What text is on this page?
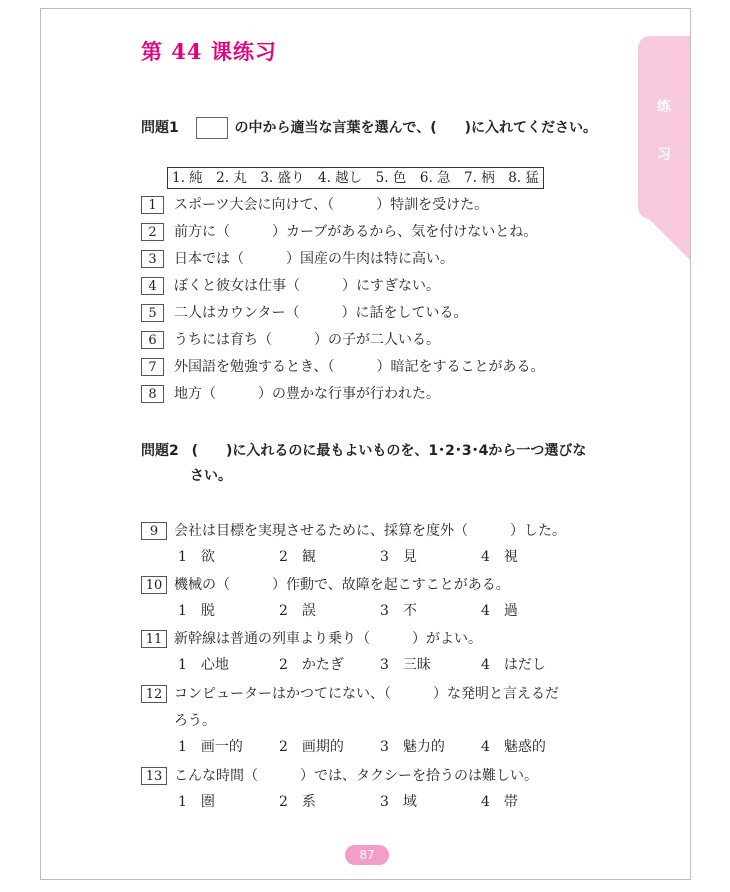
第 44 课练习
练
习
問題1	の中から適当な言葉を選んで、(　　)に入れてください。
1. 純　2. 丸　3. 盛り　4. 越し　5. 色　6. 急　7. 柄　8. 猛
1 スポーツ大会に向けて、（　　　）特訓を受けた。
2 前方に（　　　）カーブがあるから、気を付けないとね。
3 日本では（　　　）国産の牛肉は特に高い。
4 ぼくと彼女は仕事（　　　）にすぎない。
5 二人はカウンター（　　　）に話をしている。
6 うちには育ち（　　　）の子が二人いる。
7 外国語を勉強するとき、（　　　）暗記をすることがある。
8 地方（　　　）の豊かな行事が行われた。
問題2 (　　)に入れるのに最もよいものを、1･2･3･4から一つ選びな
さい。
9 会社は目標を実現させるために、採算を度外（　　　）した。
1　欲	2　観	3　見	4　視
10 機械の（　　　）作動で、故障を起こすことがある。
1　脱	2　誤	3　不	4　過
11 新幹線は普通の列車より乗り（　　　）がよい。
1　心地	2　かたぎ	3　三昧	4　はだし
12 コンピューターはかつてにない、（　　　）な発明と言えるだ
ろう。
1　画一的	2　画期的	3　魅力的	4　魅惑的
13 こんな時間（　　　）では、タクシーを拾うのは難しい。
1　圏	2　系	3　域	4　帯
87
